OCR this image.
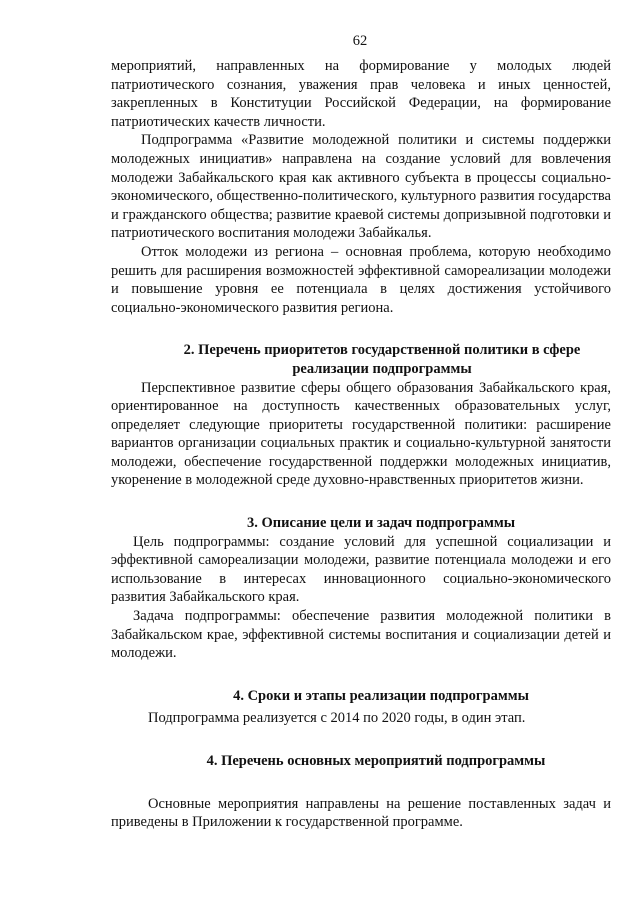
62

мероприятий, направленных на формирование у молодых людей патриотического сознания, уважения прав человека и иных ценностей, закрепленных в Конституции Российской Федерации, на формирование патриотических качеств личности.

Подпрограмма «Развитие молодежной политики и системы поддержки молодежных инициатив» направлена на создание условий для вовлечения молодежи Забайкальского края как активного субъекта в процессы социально-экономического, общественно-политического, культурного развития государства и гражданского общества; развитие краевой системы допризывной подготовки и патриотического воспитания молодежи Забайкалья.

Отток молодежи из региона – основная проблема, которую необходимо решить для расширения возможностей эффективной самореализации молодежи и повышение уровня ее потенциала в целях достижения устойчивого социально-экономического развития региона.

2. Перечень приоритетов государственной политики в сфере реализации подпрограммы

Перспективное развитие сферы общего образования Забайкальского края, ориентированное на доступность качественных образовательных услуг, определяет следующие приоритеты государственной политики: расширение вариантов организации социальных практик и социально-культурной занятости молодежи, обеспечение государственной поддержки молодежных инициатив, укоренение в молодежной среде духовно-нравственных приоритетов жизни.

3. Описание цели и задач подпрограммы

Цель подпрограммы: создание условий для успешной социализации и эффективной самореализации молодежи, развитие потенциала молодежи и его использование в интересах инновационного социально-экономического развития Забайкальского края.

Задача подпрограммы: обеспечение развития молодежной политики в Забайкальском крае, эффективной системы воспитания и социализации детей и молодежи.

4. Сроки и этапы реализации подпрограммы

Подпрограмма реализуется с 2014 по 2020 годы, в один этап.

4. Перечень основных мероприятий подпрограммы

Основные мероприятия направлены на решение поставленных задач и приведены в Приложении к государственной программе.
